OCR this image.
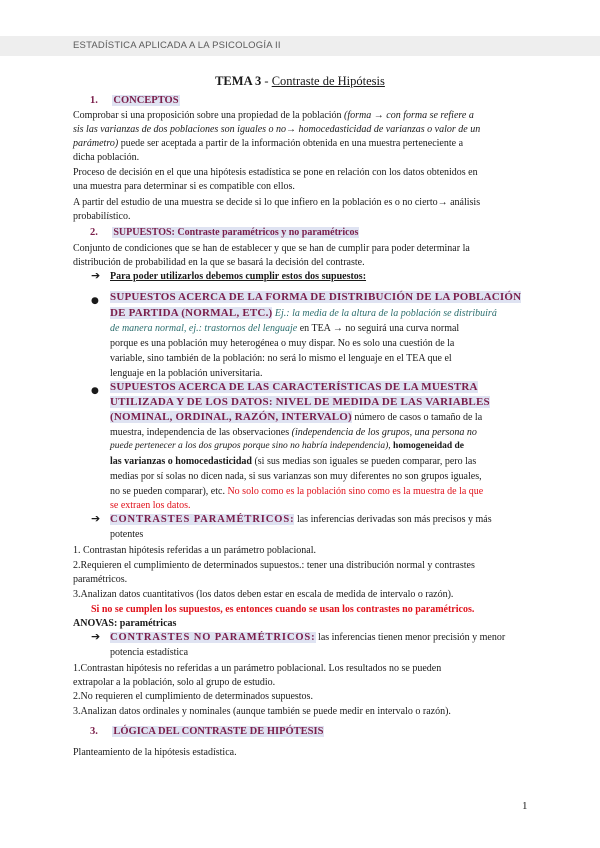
ESTADÍSTICA APLICADA A LA PSICOLOGÍA II
TEMA 3 - Contraste de Hipótesis
1. CONCEPTOS
Comprobar si una proposición sobre una propiedad de la población (forma → con forma se refiere a
sis las varianzas de dos poblaciones son iguales o no→ homocedasticidad de varianzas o valor de un
parámetro) puede ser aceptada a partir de la información obtenida en una muestra perteneciente a
dicha población.
Proceso de decisión en el que una hipótesis estadística se pone en relación con los datos obtenidos en
una muestra para determinar si es compatible con ellos.
A partir del estudio de una muestra se decide si lo que infiero en la población es o no cierto→ análisis
probabilístico.
2. SUPUESTOS: Contraste paramétricos y no paramétricos
Conjunto de condiciones que se han de establecer y que se han de cumplir para poder determinar la
distribución de probabilidad en la que se basará la decisión del contraste.
➔ Para poder utilizarlos debemos cumplir estos dos supuestos:
● SUPUESTOS ACERCA DE LA FORMA DE DISTRIBUCIÓN DE LA POBLACIÓN
DE PARTIDA (NORMAL, ETC.) Ej.: la media de la altura de la población se distribuirá
de manera normal, ej.: trastornos del lenguaje en TEA → no seguirá una curva normal
porque es una población muy heterogénea o muy dispar. No es solo una cuestión de la
variable, sino también de la población: no será lo mismo el lenguaje en el TEA que el
lenguaje en la población universitaria.
● SUPUESTOS ACERCA DE LAS CARACTERÍSTICAS DE LA MUESTRA
UTILIZADA Y DE LOS DATOS: NIVEL DE MEDIDA DE LAS VARIABLES
(NOMINAL, ORDINAL, RAZÓN, INTERVALO) número de casos o tamaño de la
muestra, independencia de las observaciones (independencia de los grupos, una persona no
puede pertenecer a los dos grupos porque sino no habría independencia), homogeneidad de
las varianzas o homocedasticidad (si sus medias son iguales se pueden comparar, pero las
medias por sí solas no dicen nada, si sus varianzas son muy diferentes no son grupos iguales,
no se pueden comparar), etc. No solo como es la población sino como es la muestra de la que
se extraen los datos.
➔ CONTRASTES PARAMÉTRICOS: las inferencias derivadas son más precisos y más
potentes
1. Contrastan hipótesis referidas a un parámetro poblacional.
2.Requieren el cumplimiento de determinados supuestos.: tener una distribución normal y contrastes
paramétricos.
3.Analizan datos cuantitativos (los datos deben estar en escala de medida de intervalo o razón).
Si no se cumplen los supuestos, es entonces cuando se usan los contrastes no paramétricos.
ANOVAS: paramétricas
➔ CONTRASTES NO PARAMÉTRICOS: las inferencias tienen menor precisión y menor
potencia estadística
1.Contrastan hipótesis no referidas a un parámetro poblacional. Los resultados no se pueden
extrapolar a la población, solo al grupo de estudio.
2.No requieren el cumplimiento de determinados supuestos.
3.Analizan datos ordinales y nominales (aunque también se puede medir en intervalo o razón).
3. LÓGICA DEL CONTRASTE DE HIPÓTESIS
Planteamiento de la hipótesis estadística.
1
